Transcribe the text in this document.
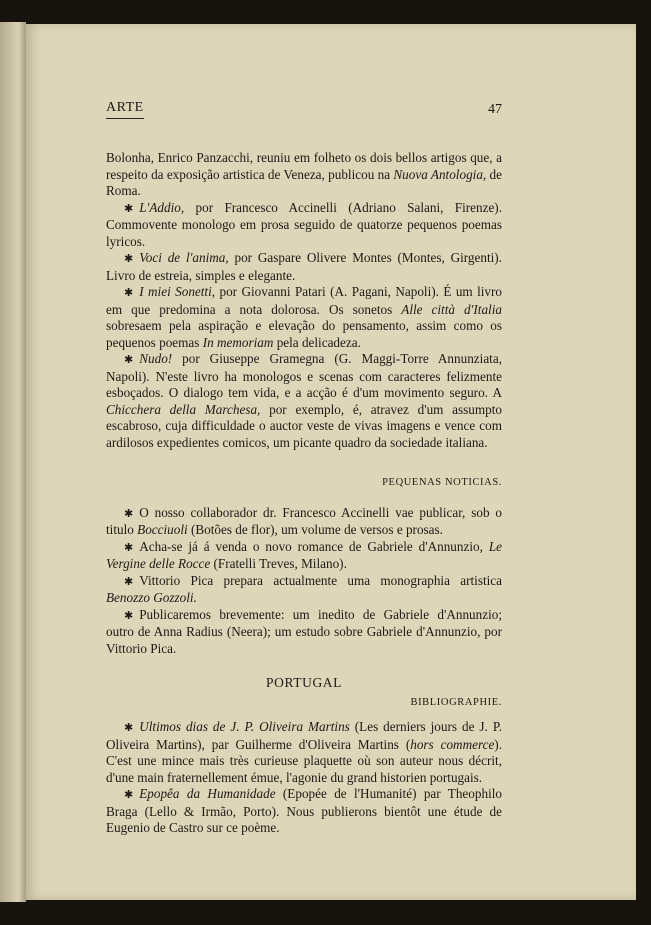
ARTE	47

Bolonha, Enrico Panzacchi, reuniu em folheto os dois bellos artigos que, a respeito da exposição artistica de Veneza, publicou na Nuova Antologia, de Roma.

✱ L'Addio, por Francesco Accinelli (Adriano Salani, Firenze). Commovente monologo em prosa seguido de quatorze pequenos poemas lyricos.

✱ Voci de l'anima, por Gaspare Olivere Montes (Montes, Girgenti). Livro de estreia, simples e elegante.

✱ I miei Sonetti, por Giovanni Patari (A. Pagani, Napoli). É um livro em que predomina a nota dolorosa. Os sonetos Alle città d'Italia sobresaem pela aspiração e elevação do pensamento, assim como os pequenos poemas In memoriam pela delicadeza.

✱ Nudo! por Giuseppe Gramegna (G. Maggi-Torre Annunziata, Napoli). N'este livro ha monologos e scenas com caracteres felizmente esboçados. O dialogo tem vida, e a acção é d'um movimento seguro. A Chicchera della Marchesa, por exemplo, é, atravez d'um assumpto escabroso, cuja difficuldade o auctor veste de vivas imagens e vence com ardilosos expedientes comicos, um picante quadro da sociedade italiana.

PEQUENAS NOTICIAS.

✱ O nosso collaborador dr. Francesco Accinelli vae publicar, sob o titulo Bocciuoli (Botões de flor), um volume de versos e prosas.

✱ Acha-se já á venda o novo romance de Gabriele d'Annunzio, Le Vergine delle Rocce (Fratelli Treves, Milano).

✱ Vittorio Pica prepara actualmente uma monographia artistica Benozzo Gozzoli.

✱ Publicaremos brevemente: um inedito de Gabriele d'Annunzio; outro de Anna Radius (Neera); um estudo sobre Gabriele d'Annunzio, por Vittorio Pica.

PORTUGAL
BIBLIOGRAPHIE.

✱ Ultimos dias de J. P. Oliveira Martins (Les derniers jours de J. P. Oliveira Martins), par Guilherme d'Oliveira Martins (hors commerce). C'est une mince mais très curieuse plaquette où son auteur nous décrit, d'une main fraternellement émue, l'agonie du grand historien portugais.

✱ Epopêa da Humanidade (Epopée de l'Humanité) par Theophilo Braga (Lello & Irmão, Porto). Nous publierons bientôt une étude de Eugenio de Castro sur ce poème.
